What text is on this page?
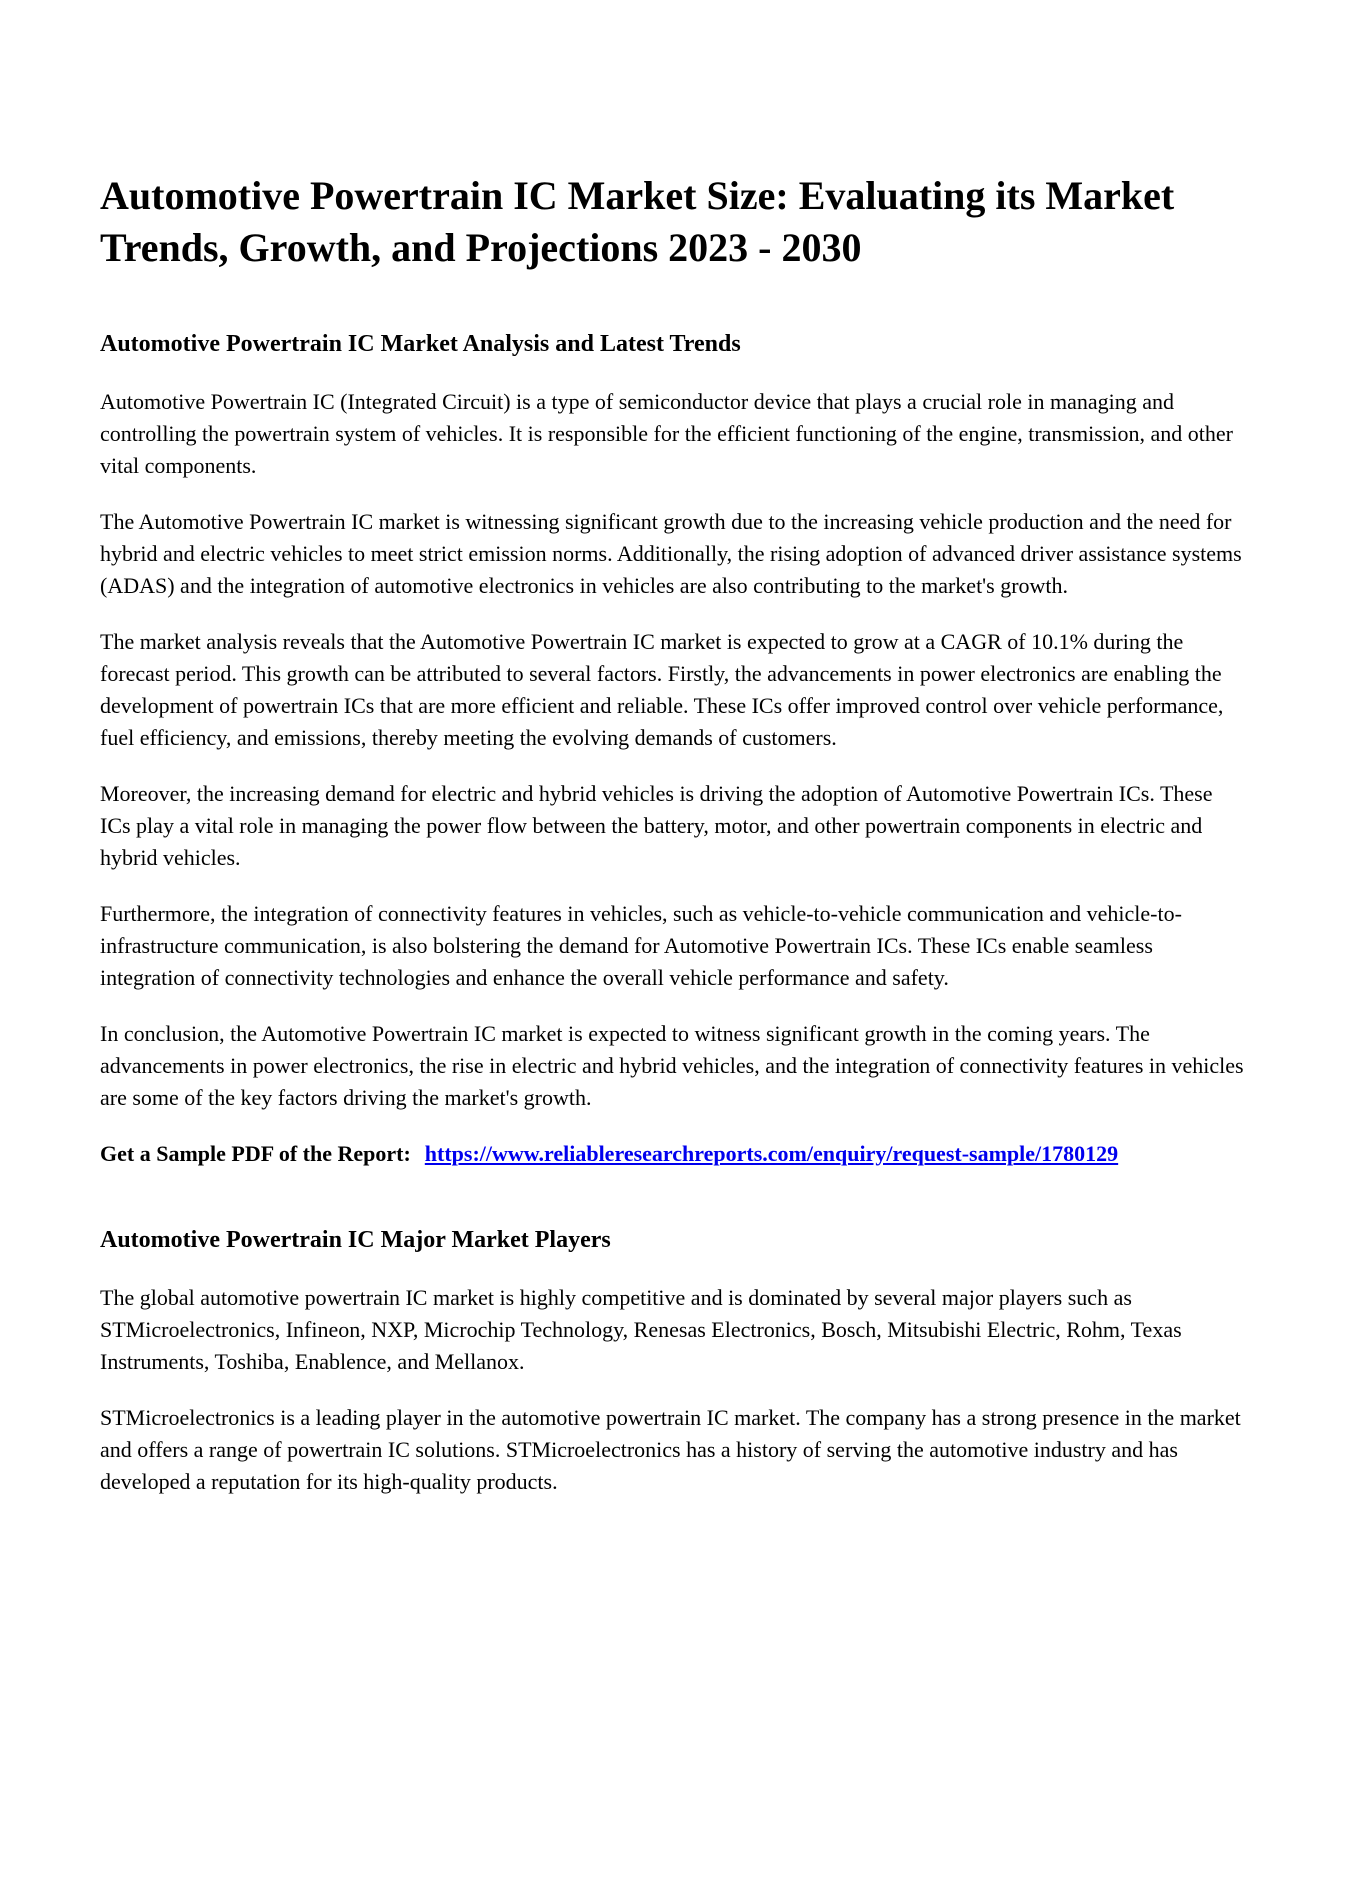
Automotive Powertrain IC Market Size: Evaluating its Market Trends, Growth, and Projections 2023 - 2030
Automotive Powertrain IC Market Analysis and Latest Trends

Automotive Powertrain IC (Integrated Circuit) is a type of semiconductor device that plays a crucial role in managing and controlling the powertrain system of vehicles. It is responsible for the efficient functioning of the engine, transmission, and other vital components.

The Automotive Powertrain IC market is witnessing significant growth due to the increasing vehicle production and the need for hybrid and electric vehicles to meet strict emission norms. Additionally, the rising adoption of advanced driver assistance systems (ADAS) and the integration of automotive electronics in vehicles are also contributing to the market's growth.

The market analysis reveals that the Automotive Powertrain IC market is expected to grow at a CAGR of 10.1% during the forecast period. This growth can be attributed to several factors. Firstly, the advancements in power electronics are enabling the development of powertrain ICs that are more efficient and reliable. These ICs offer improved control over vehicle performance, fuel efficiency, and emissions, thereby meeting the evolving demands of customers.

Moreover, the increasing demand for electric and hybrid vehicles is driving the adoption of Automotive Powertrain ICs. These ICs play a vital role in managing the power flow between the battery, motor, and other powertrain components in electric and hybrid vehicles.

Furthermore, the integration of connectivity features in vehicles, such as vehicle-to-vehicle communication and vehicle-to-infrastructure communication, is also bolstering the demand for Automotive Powertrain ICs. These ICs enable seamless integration of connectivity technologies and enhance the overall vehicle performance and safety.

In conclusion, the Automotive Powertrain IC market is expected to witness significant growth in the coming years. The advancements in power electronics, the rise in electric and hybrid vehicles, and the integration of connectivity features in vehicles are some of the key factors driving the market's growth.

Get a Sample PDF of the Report: https://www.reliableresearchreports.com/enquiry/request-sample/1780129

Automotive Powertrain IC Major Market Players

The global automotive powertrain IC market is highly competitive and is dominated by several major players such as STMicroelectronics, Infineon, NXP, Microchip Technology, Renesas Electronics, Bosch, Mitsubishi Electric, Rohm, Texas Instruments, Toshiba, Enablence, and Mellanox.

STMicroelectronics is a leading player in the automotive powertrain IC market. The company has a strong presence in the market and offers a range of powertrain IC solutions. STMicroelectronics has a history of serving the automotive industry and has developed a reputation for its high-quality products.
